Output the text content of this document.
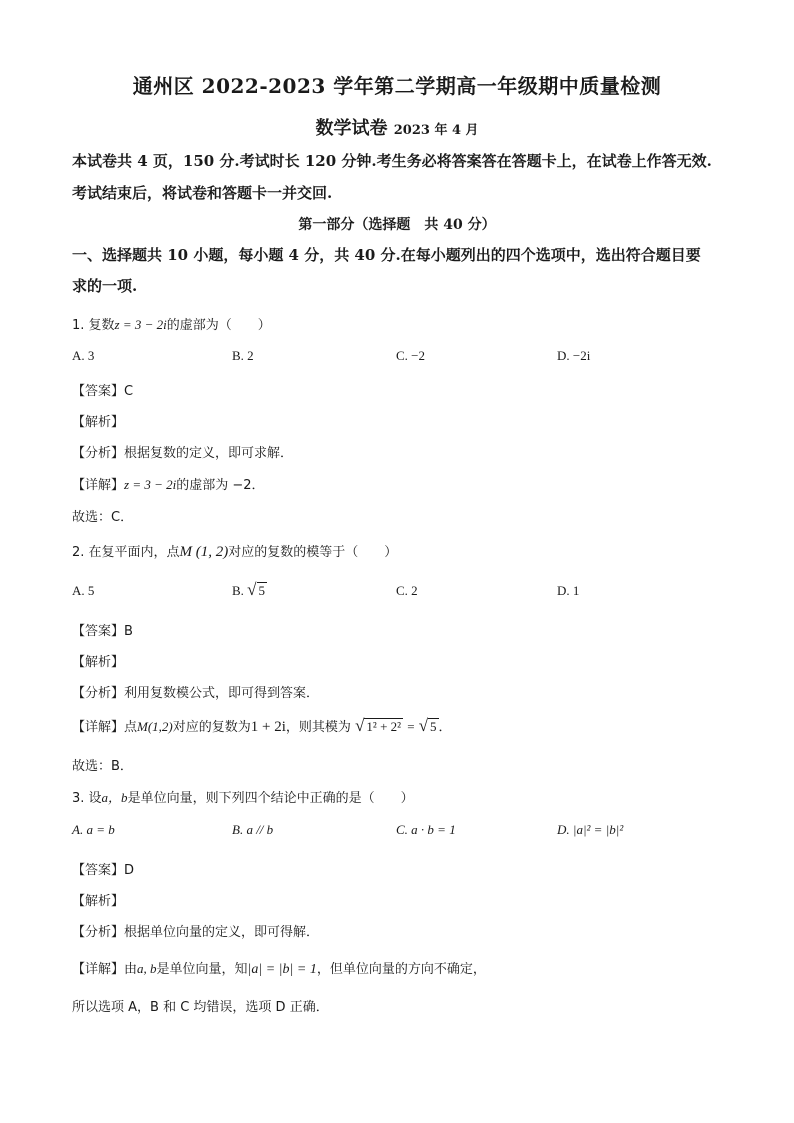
通州区 2022-2023 学年第二学期高一年级期中质量检测
数学试卷 2023 年 4 月
本试卷共 4 页，150 分.考试时长 120 分钟.考生务必将答案答在答题卡上，在试卷上作答无效.
考试结束后，将试卷和答题卡一并交回.
第一部分（选择题　共 40 分）
一、选择题共 10 小题，每小题 4 分，共 40 分.在每小题列出的四个选项中，选出符合题目要
求的一项.
1. 复数z = 3 − 2i的虚部为（　　）
A. 3	B. 2	C. −2	D. −2i
【答案】C
【解析】
【分析】根据复数的定义，即可求解．
【详解】z = 3 − 2i的虚部为 −2．
故选：C．
2. 在复平面内，点M (1, 2)对应的复数的模等于（　　）
A. 5	B. √ 5	C. 2	D. 1
【答案】B
【解析】
【分析】利用复数模公式，即可得到答案．
【详解】点M(1,2)对应的复数为1 + 2i，则其模为 √ 1² + 2² = √ 5 ．
故选：B．
3. 设a，b是单位向量，则下列四个结论中正确的是（　　）
A. a = b	B. a // b	C. a · b = 1	D. |a|² = |b|²
【答案】D
【解析】
【分析】根据单位向量的定义，即可得解．
【详解】由a, b是单位向量，知|a| = |b| = 1，但单位向量的方向不确定，
所以选项 A，B 和 C 均错误，选项 D 正确．
